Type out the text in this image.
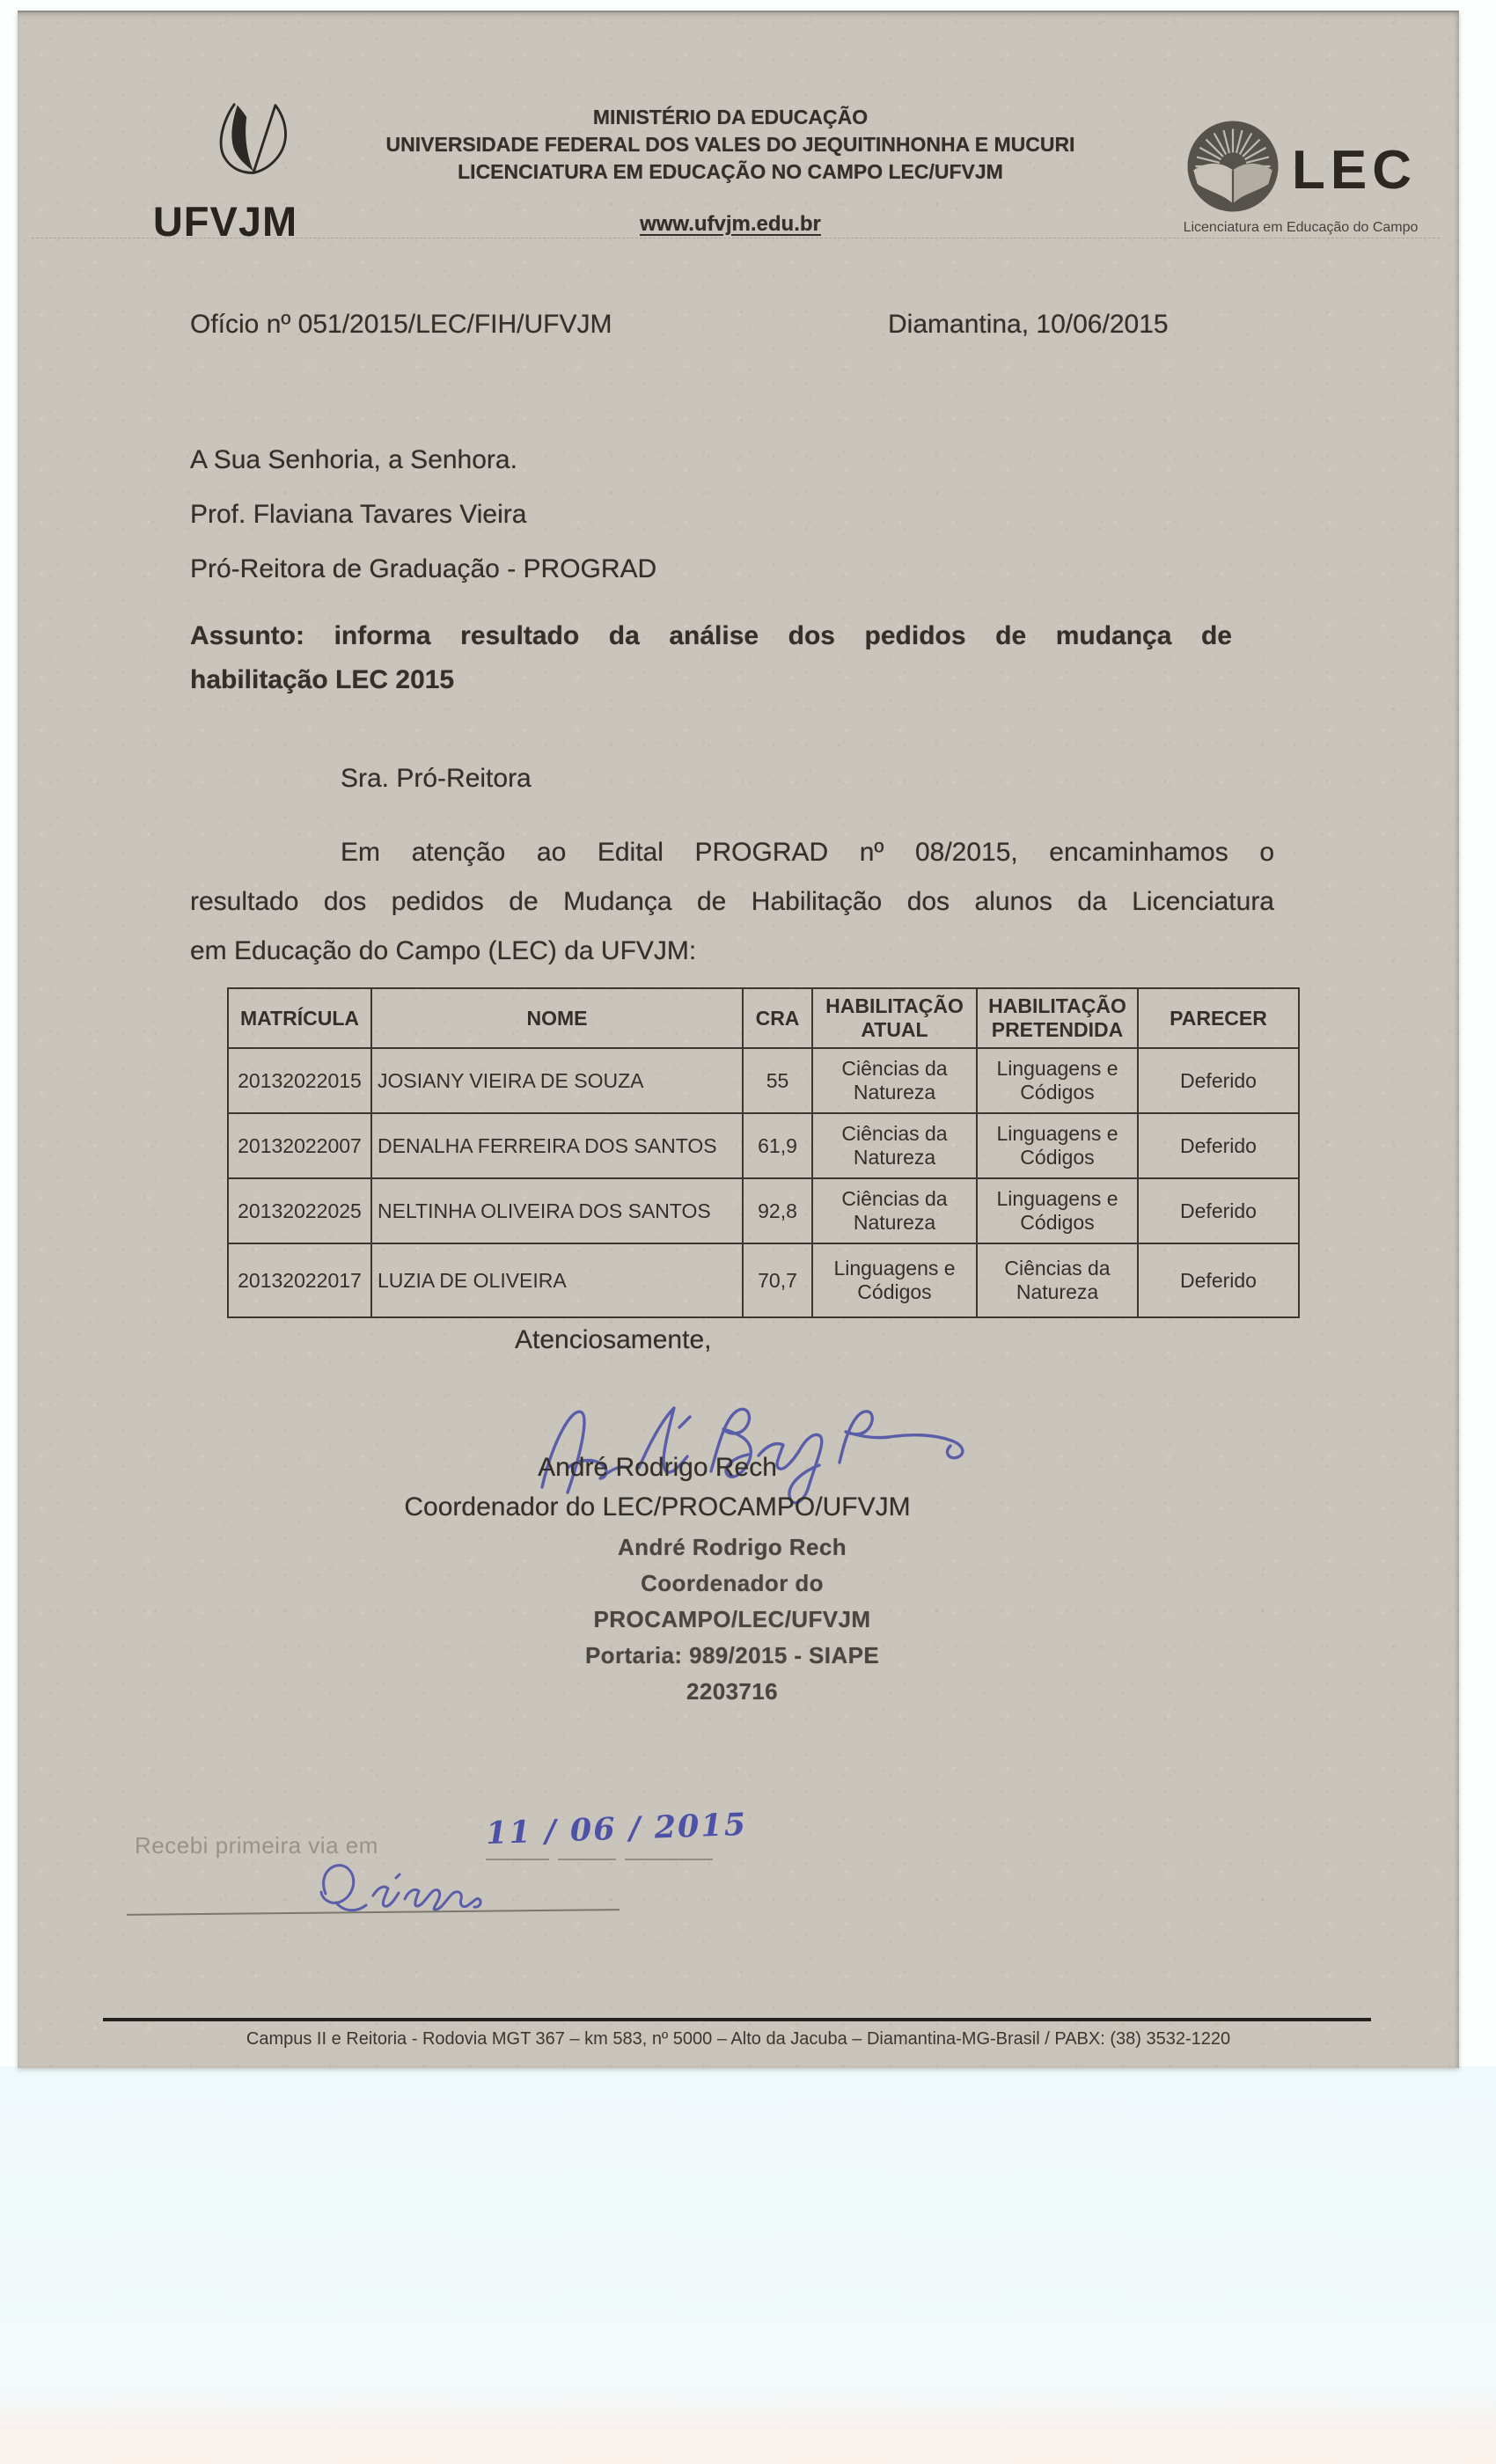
UFVJM
MINISTÉRIO DA EDUCAÇÃO
UNIVERSIDADE FEDERAL DOS VALES DO JEQUITINHONHA E MUCURI
LICENCIATURA EM EDUCAÇÃO NO CAMPO LEC/UFVJM
www.ufvjm.edu.br
LEC
Licenciatura em Educação do Campo
Ofício nº 051/2015/LEC/FIH/UFVJM	Diamantina, 10/06/2015
A Sua Senhoria, a Senhora.
Prof. Flaviana Tavares Vieira
Pró-Reitora de Graduação - PROGRAD
Assunto: informa resultado da análise dos pedidos de mudança de
habilitação LEC 2015
Sra. Pró-Reitora
Em atenção ao Edital PROGRAD nº 08/2015, encaminhamos o
resultado dos pedidos de Mudança de Habilitação dos alunos da Licenciatura
em Educação do Campo (LEC) da UFVJM:
MATRÍCULA	NOME	CRA	HABILITAÇÃO ATUAL	HABILITAÇÃO PRETENDIDA	PARECER
20132022015	JOSIANY VIEIRA DE SOUZA	55	Ciências da Natureza	Linguagens e Códigos	Deferido
20132022007	DENALHA FERREIRA DOS SANTOS	61,9	Ciências da Natureza	Linguagens e Códigos	Deferido
20132022025	NELTINHA OLIVEIRA DOS SANTOS	92,8	Ciências da Natureza	Linguagens e Códigos	Deferido
20132022017	LUZIA DE OLIVEIRA	70,7	Linguagens e Códigos	Ciências da Natureza	Deferido
Atenciosamente,
André Rodrigo Rech
Coordenador do LEC/PROCAMPO/UFVJM
André Rodrigo Rech
Coordenador do
PROCAMPO/LEC/UFVJM
Portaria: 989/2015 - SIAPE
2203716
Recebi primeira via em	11 / 06 / 2015
Campus II e Reitoria - Rodovia MGT 367 – km 583, nº 5000 – Alto da Jacuba – Diamantina-MG-Brasil / PABX: (38) 3532-1220
